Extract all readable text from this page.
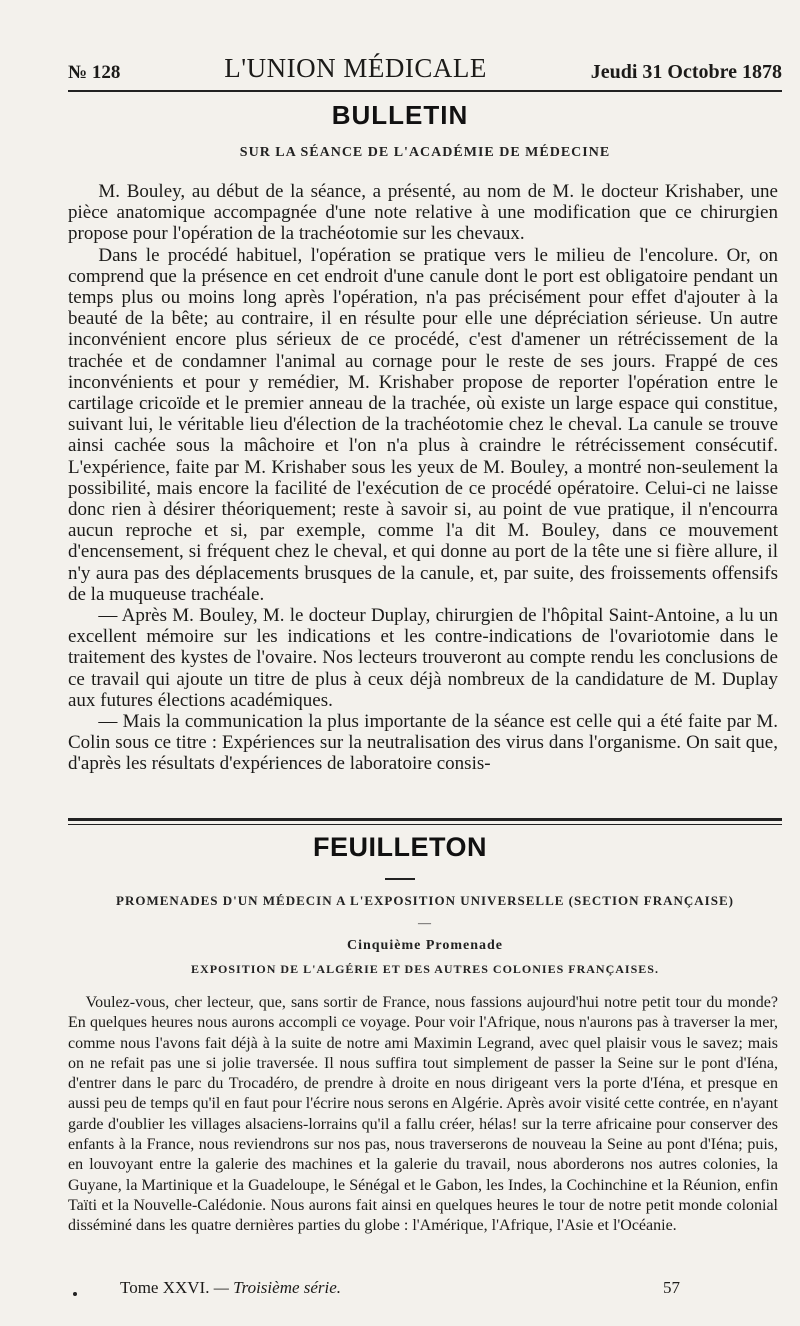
№ 128	L'UNION MÉDICALE	Jeudi 31 Octobre 1878
BULLETIN
SUR LA SÉANCE DE L'ACADÉMIE DE MÉDECINE

M. Bouley, au début de la séance, a présenté, au nom de M. le docteur Krishaber, une pièce anatomique accompagnée d'une note relative à une modification que ce chirurgien propose pour l'opération de la trachéotomie sur les chevaux.

Dans le procédé habituel, l'opération se pratique vers le milieu de l'encolure. Or, on comprend que la présence en cet endroit d'une canule dont le port est obligatoire pendant un temps plus ou moins long après l'opération, n'a pas précisément pour effet d'ajouter à la beauté de la bête; au contraire, il en résulte pour elle une dépréciation sérieuse. Un autre inconvénient encore plus sérieux de ce procédé, c'est d'amener un rétrécissement de la trachée et de condamner l'animal au cornage pour le reste de ses jours. Frappé de ces inconvénients et pour y remédier, M. Krishaber propose de reporter l'opération entre le cartilage cricoïde et le premier anneau de la trachée, où existe un large espace qui constitue, suivant lui, le véritable lieu d'élection de la trachéotomie chez le cheval. La canule se trouve ainsi cachée sous la mâchoire et l'on n'a plus à craindre le rétrécissement consécutif. L'expérience, faite par M. Krishaber sous les yeux de M. Bouley, a montré non-seulement la possibilité, mais encore la facilité de l'exécution de ce procédé opératoire. Celui-ci ne laisse donc rien à désirer théoriquement; reste à savoir si, au point de vue pratique, il n'encourra aucun reproche et si, par exemple, comme l'a dit M. Bouley, dans ce mouvement d'encensement, si fréquent chez le cheval, et qui donne au port de la tête une si fière allure, il n'y aura pas des déplacements brusques de la canule, et, par suite, des froissements offensifs de la muqueuse trachéale.

— Après M. Bouley, M. le docteur Duplay, chirurgien de l'hôpital Saint-Antoine, a lu un excellent mémoire sur les indications et les contre-indications de l'ovariotomie dans le traitement des kystes de l'ovaire. Nos lecteurs trouveront au compte rendu les conclusions de ce travail qui ajoute un titre de plus à ceux déjà nombreux de la candidature de M. Duplay aux futures élections académiques.

— Mais la communication la plus importante de la séance est celle qui a été faite par M. Colin sous ce titre : Expériences sur la neutralisation des virus dans l'organisme. On sait que, d'après les résultats d'expériences de laboratoire consis-

FEUILLETON
PROMENADES D'UN MÉDECIN A L'EXPOSITION UNIVERSELLE (SECTION FRANÇAISE)
—
Cinquième Promenade
EXPOSITION DE L'ALGÉRIE ET DES AUTRES COLONIES FRANÇAISES.

Voulez-vous, cher lecteur, que, sans sortir de France, nous fassions aujourd'hui notre petit tour du monde? En quelques heures nous aurons accompli ce voyage. Pour voir l'Afrique, nous n'aurons pas à traverser la mer, comme nous l'avons fait déjà à la suite de notre ami Maximin Legrand, avec quel plaisir vous le savez; mais on ne refait pas une si jolie traversée. Il nous suffira tout simplement de passer la Seine sur le pont d'Iéna, d'entrer dans le parc du Trocadéro, de prendre à droite en nous dirigeant vers la porte d'Iéna, et presque en aussi peu de temps qu'il en faut pour l'écrire nous serons en Algérie. Après avoir visité cette contrée, en n'ayant garde d'oublier les villages alsaciens-lorrains qu'il a fallu créer, hélas! sur la terre africaine pour conserver des enfants à la France, nous reviendrons sur nos pas, nous traverserons de nouveau la Seine au pont d'Iéna; puis, en louvoyant entre la galerie des machines et la galerie du travail, nous aborderons nos autres colonies, la Guyane, la Martinique et la Guadeloupe, le Sénégal et le Gabon, les Indes, la Cochinchine et la Réunion, enfin Taïti et la Nouvelle-Calédonie. Nous aurons fait ainsi en quelques heures le tour de notre petit monde colonial disséminé dans les quatre dernières parties du globe : l'Amérique, l'Afrique, l'Asie et l'Océanie.

Tome XXVI. — Troisième série.	57
